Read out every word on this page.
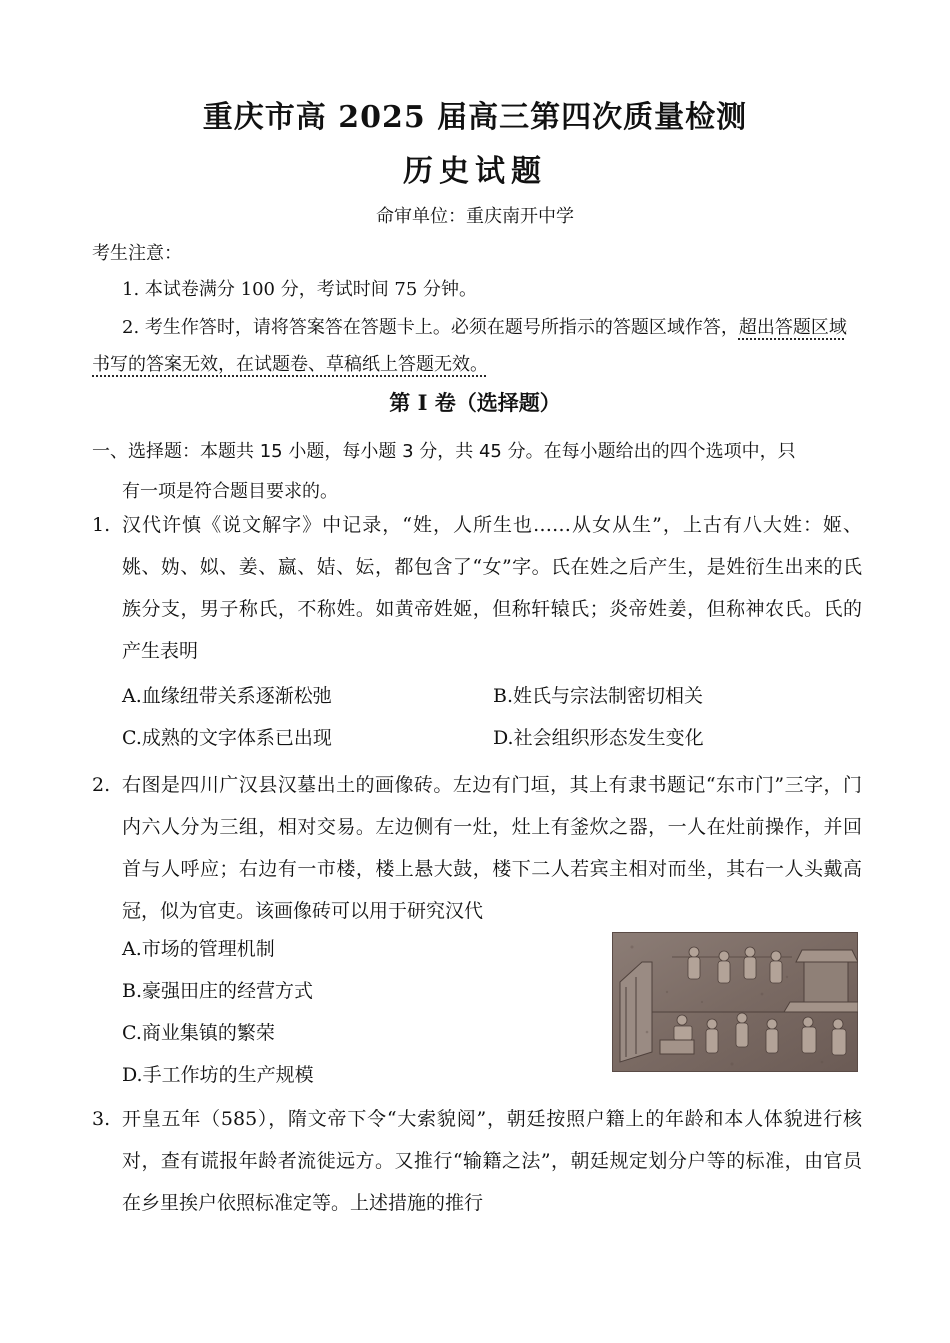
重庆市高 2025 届高三第四次质量检测
历史试题
命审单位：重庆南开中学
考生注意：
1. 本试卷满分 100 分，考试时间 75 分钟。
2. 考生作答时，请将答案答在答题卡上。必须在题号所指示的答题区域作答，超出答题区域书写的答案无效，在试题卷、草稿纸上答题无效。
第 I 卷（选择题）
一、选择题：本题共 15 小题，每小题 3 分，共 45 分。在每小题给出的四个选项中，只
有一项是符合题目要求的。
1. 汉代许慎《说文解字》中记录，“姓，人所生也……从女从生”，上古有八大姓：姬、姚、妫、姒、姜、嬴、姞、妘，都包含了“女”字。氏在姓之后产生，是姓衍生出来的氏族分支，男子称氏，不称姓。如黄帝姓姬，但称轩辕氏；炎帝姓姜，但称神农氏。氏的产生表明
A.血缘纽带关系逐渐松弛	B.姓氏与宗法制密切相关
C.成熟的文字体系已出现	D.社会组织形态发生变化
2. 右图是四川广汉县汉墓出土的画像砖。左边有门垣，其上有隶书题记“东市门”三字，门内六人分为三组，相对交易。左边侧有一灶，灶上有釜炊之器，一人在灶前操作，并回首与人呼应；右边有一市楼，楼上悬大鼓，楼下二人若宾主相对而坐，其右一人头戴高冠，似为官吏。该画像砖可以用于研究汉代
A.市场的管理机制
B.豪强田庄的经营方式
C.商业集镇的繁荣
D.手工作坊的生产规模
3. 开皇五年（585），隋文帝下令“大索貌阅”，朝廷按照户籍上的年龄和本人体貌进行核对，查有谎报年龄者流徙远方。又推行“输籍之法”，朝廷规定划分户等的标准，由官员在乡里挨户依照标准定等。上述措施的推行
